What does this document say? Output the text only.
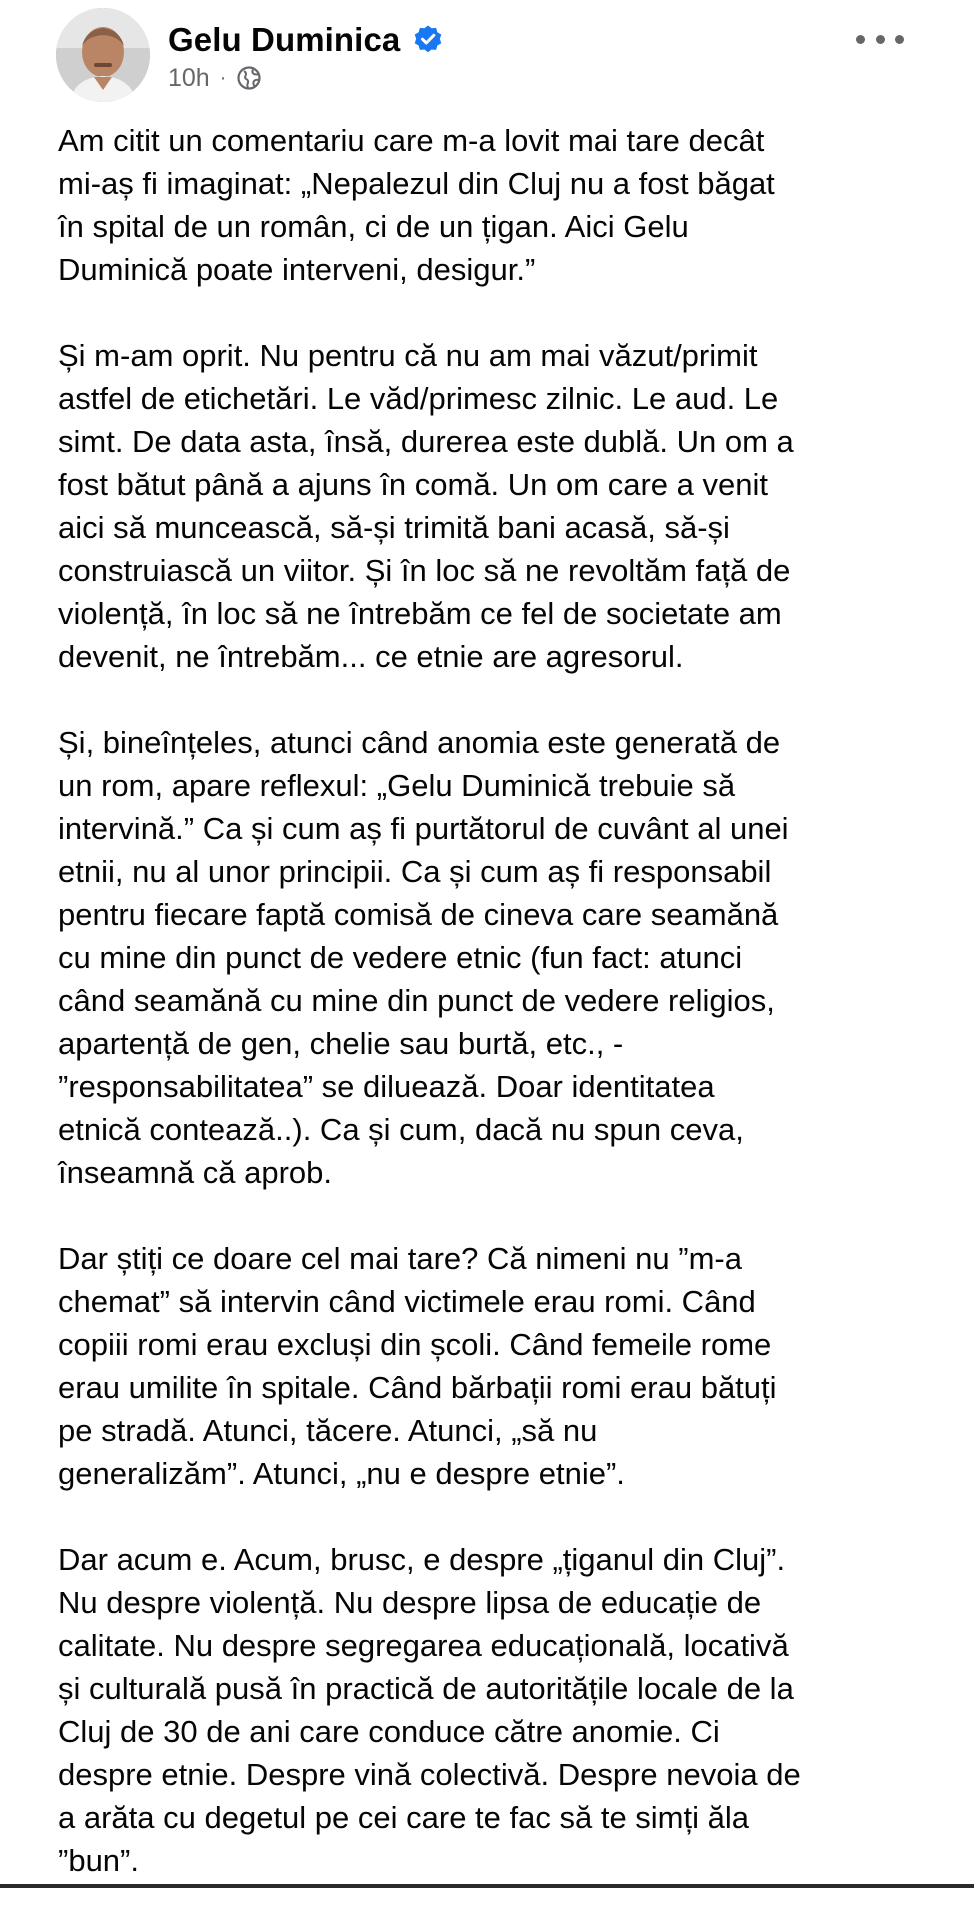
Gelu Duminica
10h ·

Am citit un comentariu care m-a lovit mai tare decât
mi-aș fi imaginat: „Nepalezul din Cluj nu a fost băgat
în spital de un român, ci de un țigan. Aici Gelu
Duminică poate interveni, desigur.”

Și m-am oprit. Nu pentru că nu am mai văzut/primit
astfel de etichetări. Le văd/primesc zilnic. Le aud. Le
simt. De data asta, însă, durerea este dublă. Un om a
fost bătut până a ajuns în comă. Un om care a venit
aici să muncească, să-și trimită bani acasă, să-și
construiască un viitor. Și în loc să ne revoltăm față de
violență, în loc să ne întrebăm ce fel de societate am
devenit, ne întrebăm... ce etnie are agresorul.

Și, bineînțeles, atunci când anomia este generată de
un rom, apare reflexul: „Gelu Duminică trebuie să
intervină.” Ca și cum aș fi purtătorul de cuvânt al unei
etnii, nu al unor principii. Ca și cum aș fi responsabil
pentru fiecare faptă comisă de cineva care seamănă
cu mine din punct de vedere etnic (fun fact: atunci
când seamănă cu mine din punct de vedere religios,
apartență de gen, chelie sau burtă, etc., -
”responsabilitatea” se diluează. Doar identitatea
etnică contează..). Ca și cum, dacă nu spun ceva,
înseamnă că aprob.

Dar știți ce doare cel mai tare? Că nimeni nu ”m-a
chemat” să intervin când victimele erau romi. Când
copiii romi erau excluși din școli. Când femeile rome
erau umilite în spitale. Când bărbații romi erau bătuți
pe stradă. Atunci, tăcere. Atunci, „să nu
generalizăm”. Atunci, „nu e despre etnie”.

Dar acum e. Acum, brusc, e despre „țiganul din Cluj”.
Nu despre violență. Nu despre lipsa de educație de
calitate. Nu despre segregarea educațională, locativă
și culturală pusă în practică de autoritățile locale de la
Cluj de 30 de ani care conduce către anomie. Ci
despre etnie. Despre vină colectivă. Despre nevoia de
a arăta cu degetul pe cei care te fac să te simți ăla
”bun”.
